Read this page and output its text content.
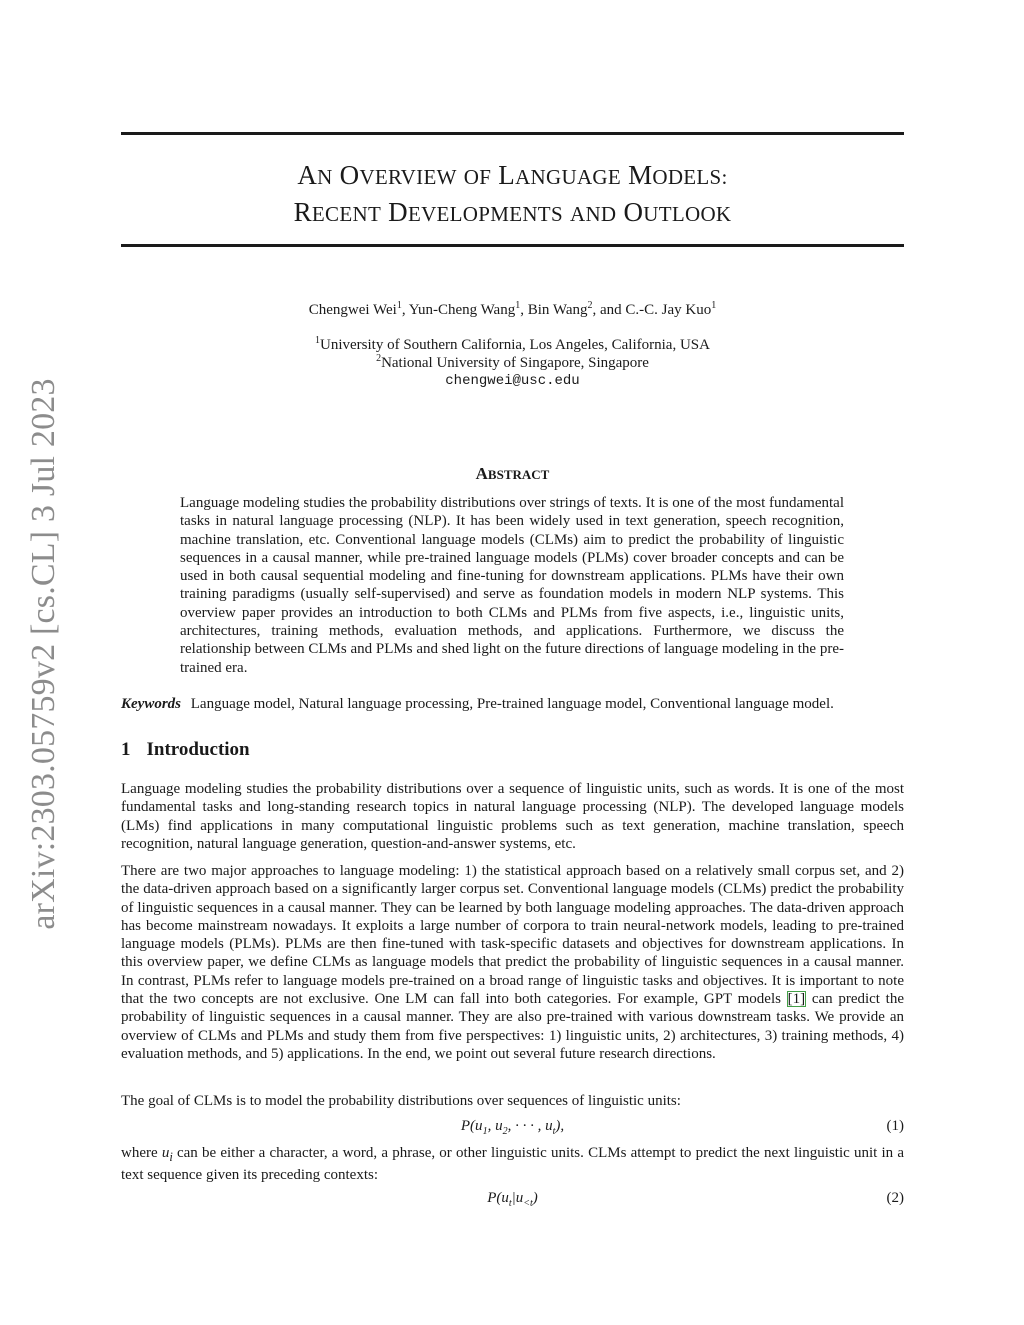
arXiv:2303.05759v2 [cs.CL] 3 Jul 2023
AN OVERVIEW OF LANGUAGE MODELS:
RECENT DEVELOPMENTS AND OUTLOOK
Chengwei Wei$^1$, Yun-Cheng Wang$^1$, Bin Wang$^2$, and C.-C. Jay Kuo$^1$
$^1$University of Southern California, Los Angeles, California, USA
$^2$National University of Singapore, Singapore
chengwei@usc.edu
ABSTRACT
Language modeling studies the probability distributions over strings of texts. It is one of the most fundamental tasks in natural language processing (NLP). It has been widely used in text generation, speech recognition, machine translation, etc. Conventional language models (CLMs) aim to predict the probability of linguistic sequences in a causal manner, while pre-trained language models (PLMs) cover broader concepts and can be used in both causal sequential modeling and fine-tuning for downstream applications. PLMs have their own training paradigms (usually self-supervised) and serve as foundation models in modern NLP systems. This overview paper provides an introduction to both CLMs and PLMs from five aspects, i.e., linguistic units, architectures, training methods, evaluation methods, and applications. Furthermore, we discuss the relationship between CLMs and PLMs and shed light on the future directions of language modeling in the pre-trained era.
Keywords Language model, Natural language processing, Pre-trained language model, Conventional language model.
1 Introduction
Language modeling studies the probability distributions over a sequence of linguistic units, such as words. It is one of the most fundamental tasks and long-standing research topics in natural language processing (NLP). The developed language models (LMs) find applications in many computational linguistic problems such as text generation, machine translation, speech recognition, natural language generation, question-and-answer systems, etc.
There are two major approaches to language modeling: 1) the statistical approach based on a relatively small corpus set, and 2) the data-driven approach based on a significantly larger corpus set. Conventional language models (CLMs) predict the probability of linguistic sequences in a causal manner. They can be learned by both language modeling approaches. The data-driven approach has become mainstream nowadays. It exploits a large number of corpora to train neural-network models, leading to pre-trained language models (PLMs). PLMs are then fine-tuned with task-specific datasets and objectives for downstream applications. In this overview paper, we define CLMs as language models that predict the probability of linguistic sequences in a causal manner. In contrast, PLMs refer to language models pre-trained on a broad range of linguistic tasks and objectives. It is important to note that the two concepts are not exclusive. One LM can fall into both categories. For example, GPT models [1] can predict the probability of linguistic sequences in a causal manner. They are also pre-trained with various downstream tasks. We provide an overview of CLMs and PLMs and study them from five perspectives: 1) linguistic units, 2) architectures, 3) training methods, 4) evaluation methods, and 5) applications. In the end, we point out several future research directions.
The goal of CLMs is to model the probability distributions over sequences of linguistic units:
$P(u_1$, $u_2$, · · · , $u_t$),	(1)
where $u_i$ can be either a character, a word, a phrase, or other linguistic units. CLMs attempt to predict the next linguistic unit in a text sequence given its preceding contexts:
$P(u_t|u_{<t})$	(2)
